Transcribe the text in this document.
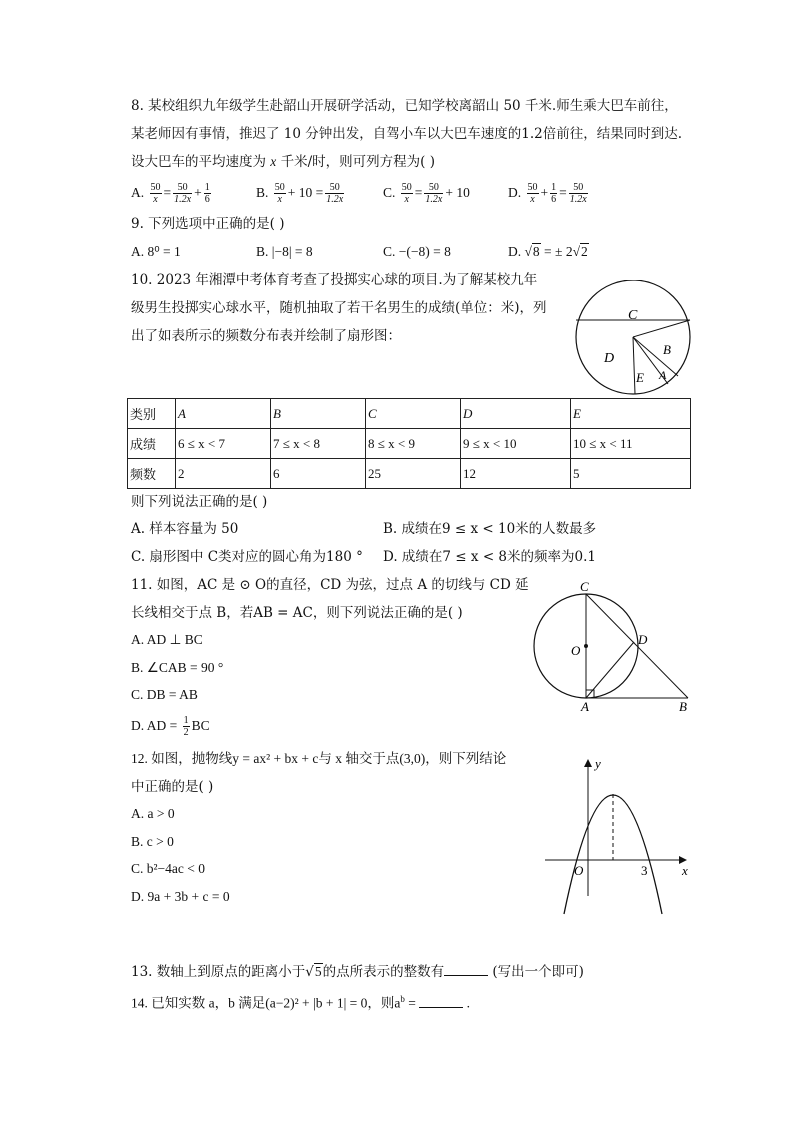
8. 某校组织九年级学生赴韶山开展研学活动，已知学校离韶山 50 千米.师生乘大巴车前往，
某老师因有事情，推迟了 10 分钟出发，自驾小车以大巴车速度的1.2倍前往，结果同时到达.
设大巴车的平均速度为 x 千米/时，则可列方程为( )
A. $\frac{50}{x} = \frac{50}{1.2x} + \frac{1}{6}$	B. $\frac{50}{x} + 10 = \frac{50}{1.2x}$	C. $\frac{50}{x} = \frac{50}{1.2x} + 10$	D. $\frac{50}{x} + \frac{1}{6} = \frac{50}{1.2x}$
9. 下列选项中正确的是( )
A. 8⁰ = 1	B. |−8| = 8	C. −(−8) = 8	D. √8 = ± 2√2
10. 2023 年湘潭中考体育考查了投掷实心球的项目.为了解某校九年
级男生投掷实心球水平，随机抽取了若干名男生的成绩(单位：米)，列
出了如表所示的频数分布表并绘制了扇形图：
C
D
B
E A
类别	A	B	C	D	E
成绩	6 ≤ x < 7	7 ≤ x < 8	8 ≤ x < 9	9 ≤ x < 10	10 ≤ x < 11
频数	2	6	25	12	5
则下列说法正确的是( )
A. 样本容量为 50	B. 成绩在9 ≤ x < 10米的人数最多
C. 扇形图中 C类对应的圆心角为180 ° D. 成绩在7 ≤ x < 8米的频率为0.1
11. 如图，AC 是 ⊙ O的直径，CD 为弦，过点 A 的切线与 CD 延
长线相交于点 B，若AB = AC，则下列说法正确的是( )
A. AD ⊥ BC
B. ∠CAB = 90 °
C. DB = AB
D. AD = $\frac{1}{2}$ BC
C
D
O
A	B
12. 如图，抛物线y = ax² + bx + c与 x 轴交于点(3,0)，则下列结论
中正确的是( )
A. a > 0
B. c > 0
C. b²−4ac < 0
D. 9a + 3b + c = 0
y
O	3	x
13. 数轴上到原点的距离小于√5的点所表示的整数有	(写出一个即可)
14. 已知实数 a，b 满足(a−2)² + |b + 1| = 0，则$a^b$ =	.
